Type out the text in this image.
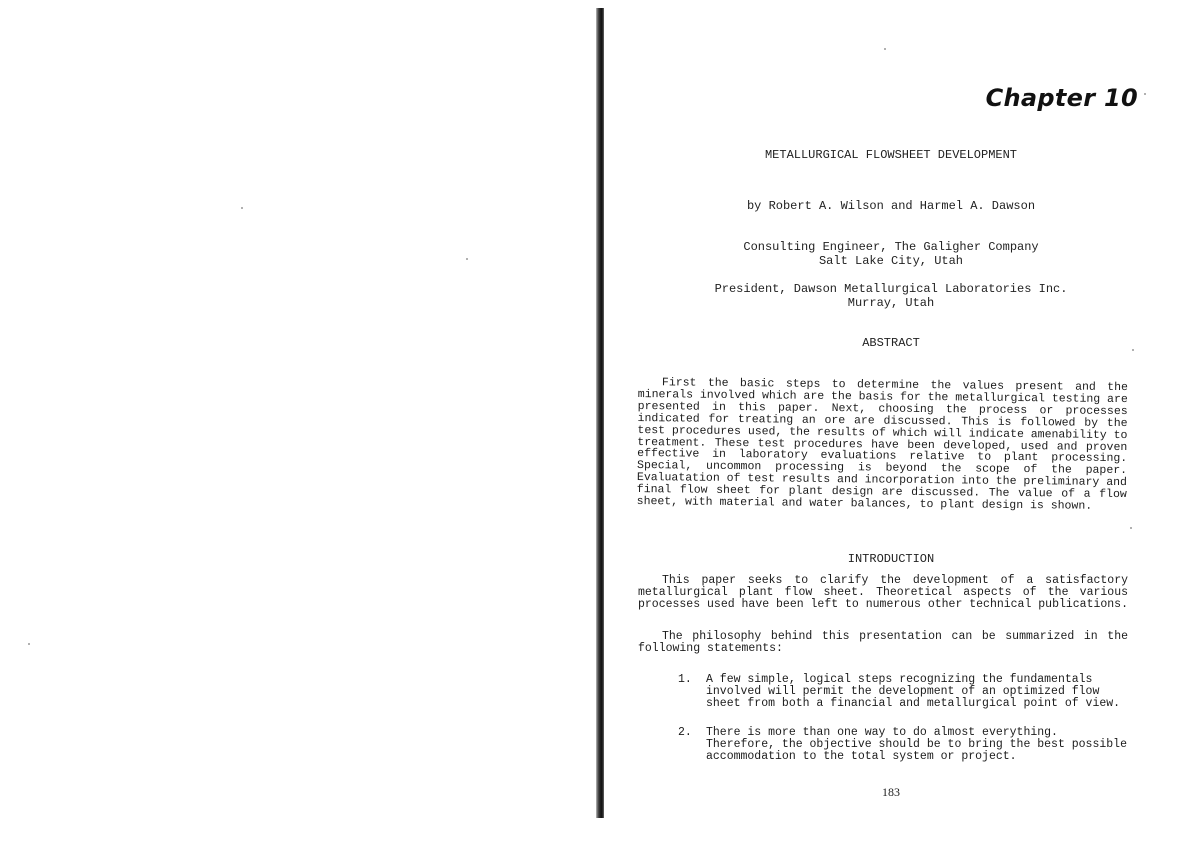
Chapter 10
METALLURGICAL FLOWSHEET DEVELOPMENT
by Robert A. Wilson and Harmel A. Dawson
Consulting Engineer, The Galigher Company
Salt Lake City, Utah
President, Dawson Metallurgical Laboratories Inc.
Murray, Utah
ABSTRACT

First the basic steps to determine the values present and the minerals involved which are the basis for the metallurgical testing are presented in this paper. Next, choosing the process or processes indicated for treating an ore are discussed. This is followed by the test procedures used, the results of which will indicate amenability to treatment. These test procedures have been developed, used and proven effective in laboratory evaluations relative to plant processing. Special, uncommon processing is beyond the scope of the paper. Evaluatation of test results and incorporation into the preliminary and final flow sheet for plant design are discussed. The value of a flow sheet, with material and water balances, to plant design is shown.

INTRODUCTION

This paper seeks to clarify the development of a satisfactory metallurgical plant flow sheet. Theoretical aspects of the various processes used have been left to numerous other technical publications.

The philosophy behind this presentation can be summarized in the following statements:

1. A few simple, logical steps recognizing the fundamentals involved will permit the development of an optimized flow sheet from both a financial and metallurgical point of view.
2. There is more than one way to do almost everything. Therefore, the objective should be to bring the best possible accommodation to the total system or project.
183
